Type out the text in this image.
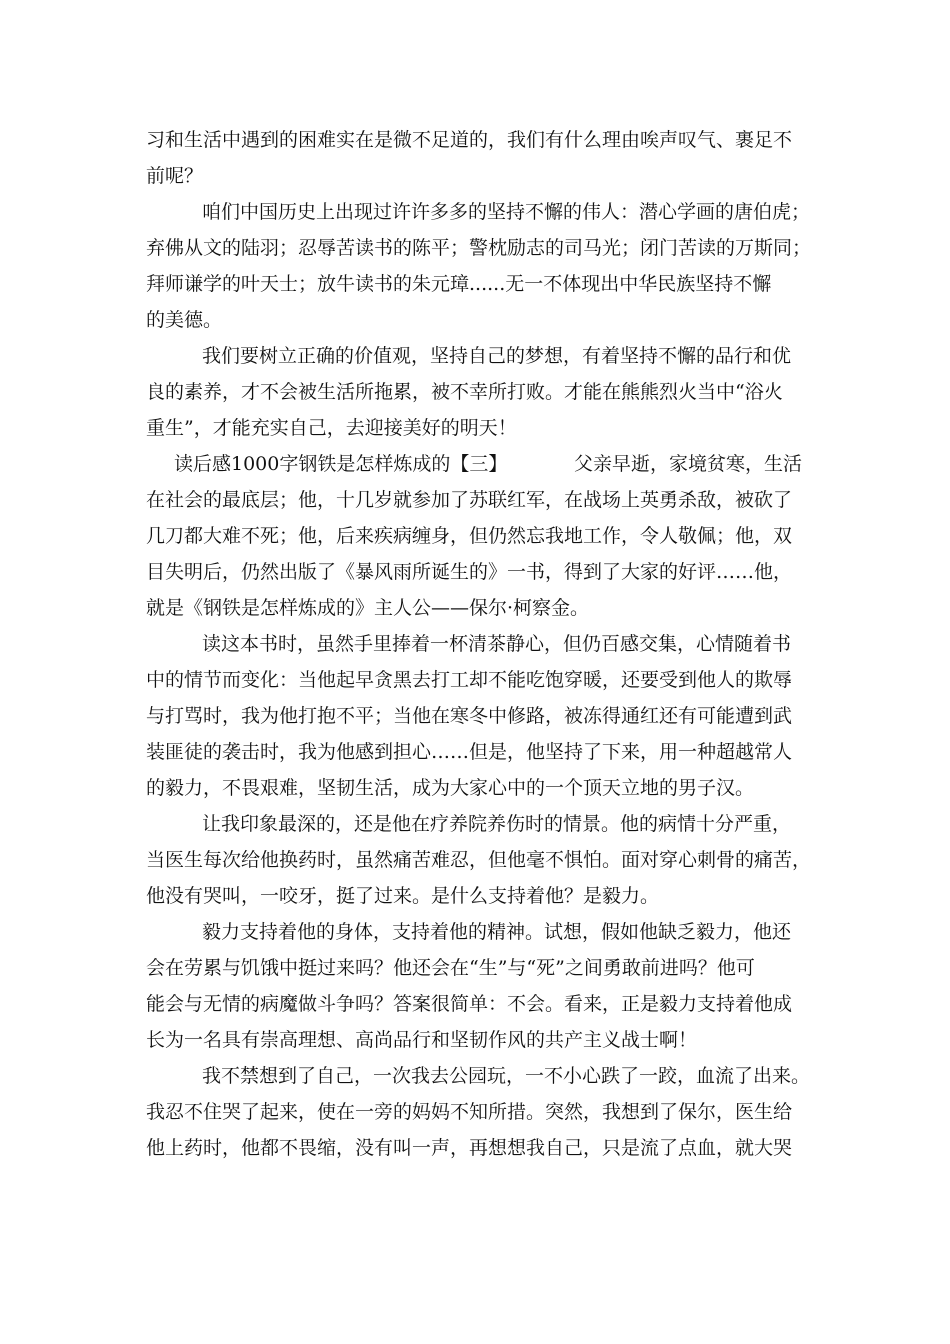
习和生活中遇到的困难实在是微不足道的，我们有什么理由唉声叹气、裹足不
前呢？
咱们中国历史上出现过许许多多的坚持不懈的伟人：潜心学画的唐伯虎；
弃佛从文的陆羽；忍辱苦读书的陈平；警枕励志的司马光；闭门苦读的万斯同；
拜师谦学的叶天士；放牛读书的朱元璋......无一不体现出中华民族坚持不懈
的美德。
我们要树立正确的价值观，坚持自己的梦想，有着坚持不懈的品行和优
良的素养，才不会被生活所拖累，被不幸所打败。才能在熊熊烈火当中“浴火
重生”，才能充实自己，去迎接美好的明天！
读后感1000字钢铁是怎样炼成的【三】	父亲早逝，家境贫寒，生活
在社会的最底层；他，十几岁就参加了苏联红军，在战场上英勇杀敌，被砍了
几刀都大难不死；他，后来疾病缠身，但仍然忘我地工作，令人敬佩；他，双
目失明后，仍然出版了《暴风雨所诞生的》一书，得到了大家的好评……他，
就是《钢铁是怎样炼成的》主人公——保尔·柯察金。
读这本书时，虽然手里捧着一杯清茶静心，但仍百感交集，心情随着书
中的情节而变化：当他起早贪黑去打工却不能吃饱穿暖，还要受到他人的欺辱
与打骂时，我为他打抱不平；当他在寒冬中修路，被冻得通红还有可能遭到武
装匪徒的袭击时，我为他感到担心……但是，他坚持了下来，用一种超越常人
的毅力，不畏艰难，坚韧生活，成为大家心中的一个顶天立地的男子汉。
让我印象最深的，还是他在疗养院养伤时的情景。他的病情十分严重，
当医生每次给他换药时，虽然痛苦难忍，但他毫不惧怕。面对穿心刺骨的痛苦，
他没有哭叫，一咬牙，挺了过来。是什么支持着他？是毅力。
毅力支持着他的身体，支持着他的精神。试想，假如他缺乏毅力，他还
会在劳累与饥饿中挺过来吗？他还会在“生”与“死”之间勇敢前进吗？他可
能会与无情的病魔做斗争吗？答案很简单：不会。看来，正是毅力支持着他成
长为一名具有崇高理想、高尚品行和坚韧作风的共产主义战士啊！
我不禁想到了自己，一次我去公园玩，一不小心跌了一跤，血流了出来。
我忍不住哭了起来，使在一旁的妈妈不知所措。突然，我想到了保尔，医生给
他上药时，他都不畏缩，没有叫一声，再想想我自己，只是流了点血，就大哭
